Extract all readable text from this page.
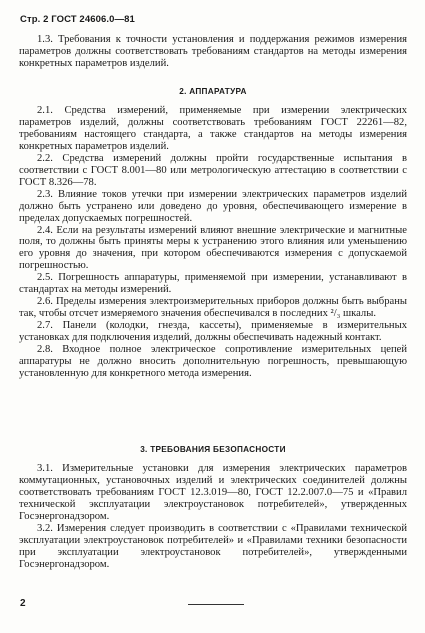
Стр. 2 ГОСТ 24606.0—81

1.3. Требования к точности установления и поддержания режимов измерения параметров должны соответствовать требованиям стандартов на методы измерения конкретных параметров изделий.

2. АППАРАТУРА

2.1. Средства измерений, применяемые при измерении электрических параметров изделий, должны соответствовать требованиям ГОСТ 22261—82, требованиям настоящего стандарта, а также стандартов на методы измерения конкретных параметров изделий.

2.2. Средства измерений должны пройти государственные испытания в соответствии с ГОСТ 8.001—80 или метрологическую аттестацию в соответствии с ГОСТ 8.326—78.

2.3. Влияние токов утечки при измерении электрических параметров изделий должно быть устранено или доведено до уровня, обеспечивающего измерение в пределах допускаемых погрешностей.

2.4. Если на результаты измерений влияют внешние электрические и магнитные поля, то должны быть приняты меры к устранению этого влияния или уменьшению его уровня до значения, при котором обеспечиваются измерения с допускаемой погрешностью.

2.5. Погрешность аппаратуры, применяемой при измерении, устанавливают в стандартах на методы измерений.

2.6. Пределы измерения электроизмерительных приборов должны быть выбраны так, чтобы отсчет измеряемого значения обеспечивался в последних ²/₃ шкалы.

2.7. Панели (колодки, гнезда, кассеты), применяемые в измерительных установках для подключения изделий, должны обеспечивать надежный контакт.

2.8. Входное полное электрическое сопротивление измерительных цепей аппаратуры не должно вносить дополнительную погрешность, превышающую установленную для конкретного метода измерения.

3. ТРЕБОВАНИЯ БЕЗОПАСНОСТИ

3.1. Измерительные установки для измерения электрических параметров коммутационных, установочных изделий и электрических соединителей должны соответствовать требованиям ГОСТ 12.3.019—80, ГОСТ 12.2.007.0—75 и «Правил технической эксплуатации электроустановок потребителей», утвержденных Госэнергонадзором.

3.2. Измерения следует производить в соответствии с «Правилами технической эксплуатации электроустановок потребителей» и «Правилами техники безопасности при эксплуатации электроустановок потребителей», утвержденными Госэнергонадзором.

2
